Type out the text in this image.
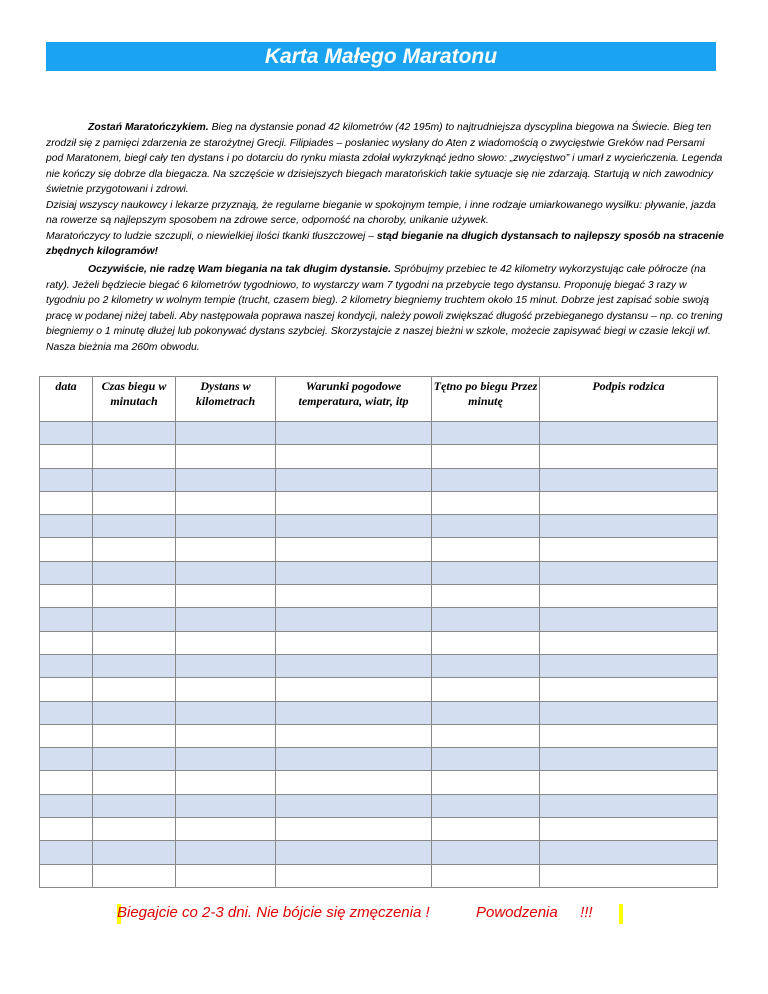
Karta Małego Maratonu
Zostań Maratończykiem. Bieg na dystansie ponad 42 kilometrów (42 195m) to najtrudniejsza dyscyplina biegowa na Świecie. Bieg ten zrodził się z pamięci zdarzenia ze starożytnej Grecji. Filipiades – posłaniec wysłany do Aten z wiadomością o zwycięstwie Greków nad Persami pod Maratonem, biegł cały ten dystans i po dotarciu do rynku miasta zdołał wykrzyknąć jedno słowo: „zwycięstwo” i umarł z wycieńczenia. Legenda nie kończy się dobrze dla biegacza. Na szczęście w dzisiejszych biegach maratońskich takie sytuacje się nie zdarzają. Startują w nich zawodnicy świetnie przygotowani i zdrowi.
Dzisiaj wszyscy naukowcy i lekarze przyznają, że regularne bieganie w spokojnym tempie, i inne rodzaje umiarkowanego wysiłku: pływanie, jazda na rowerze są najlepszym sposobem na zdrowe serce, odporność na choroby, unikanie używek.
Maratończycy to ludzie szczupli, o niewielkiej ilości tkanki tłuszczowej – stąd bieganie na długich dystansach to najlepszy sposób na stracenie zbędnych kilogramów!
Oczywiście, nie radzę Wam biegania na tak długim dystansie. Spróbujmy przebiec te 42 kilometry wykorzystując całe półrocze (na raty). Jeżeli będziecie biegać 6 kilometrów tygodniowo, to wystarczy wam 7 tygodni na przebycie tego dystansu. Proponuję biegać 3 razy w tygodniu po 2 kilometry w wolnym tempie (trucht, czasem bieg). 2 kilometry biegniemy truchtem około 15 minut. Dobrze jest zapisać sobie swoją pracę w podanej niżej tabeli. Aby następowała poprawa naszej kondycji, należy powoli zwiększać długość przebieganego dystansu – np. co trening biegniemy o 1 minutę dłużej lub pokonywać dystans szybciej. Skorzystajcie z naszej bieżni w szkole, możecie zapisywać biegi w czasie lekcji wf. Nasza bieżnia ma 260m obwodu.
data	Czas biegu w minutach	Dystans w kilometrach	Warunki pogodowe temperatura, wiatr, itp	Tętno po biegu Przez minutę	Podpis rodzica

Biegajcie co 2-3 dni. Nie bójcie się zmęczenia !	Powodzenia !!!
